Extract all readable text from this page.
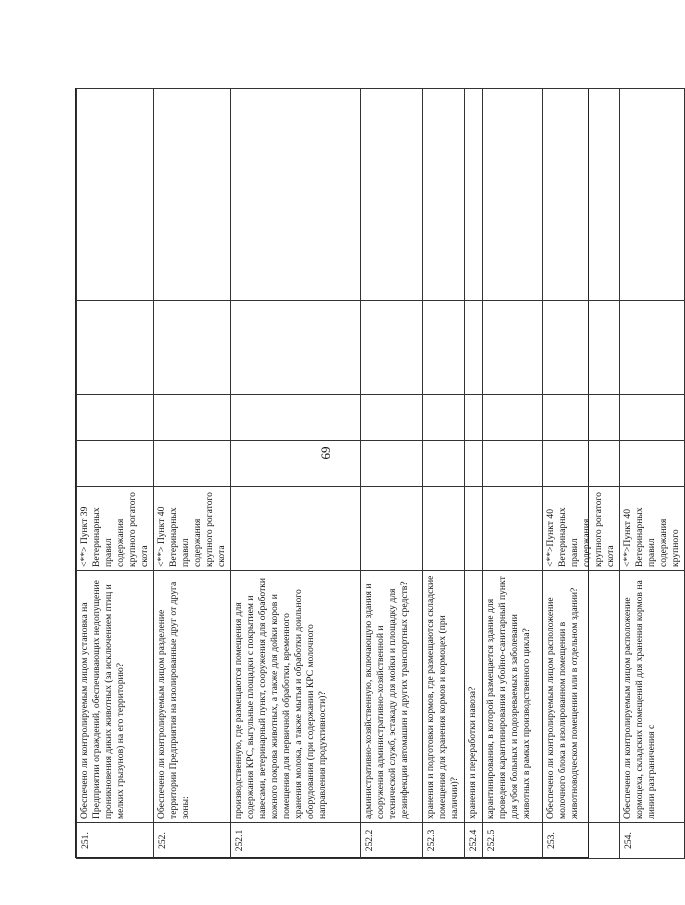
69
251.	Обеспечено ли контролируемым лицом установка на Предприятии ограждений, обеспечивающих недопущение проникновения диких животных (за исключением птиц и мелких грызунов) на его территорию?	<**> Пункт 39 Ветеринарных правил содержания крупного рогатого скота				
252.	Обеспечено ли контролируемым лицом разделение территории Предприятия на изолированные друг от друга зоны:	<**> Пункт 40 Ветеринарных правил содержания крупного рогатого скота				
252.1	производственную, где размещаются помещения для содержания КРС, выгульные площадки с покрытием и навесами, ветеринарный пункт, сооружения для обработки кожного покрова животных, а также для дойки коров и помещения для первичной обработки, временного хранения молока, а также мытья и обработки доильного оборудования (при содержании КРС молочного направления продуктивности)?					
252.2	административно-хозяйственную, включающую здания и сооружения административно-хозяйственной и технической служб, эстакаду для мойки и площадку для дезинфекции автомашин и других транспортных средств?					
252.3	хранения и подготовки кормов, где размещаются складские помещения для хранения кормов и кормоцех (при наличии)?					
252.4	хранения и переработки навоза?					
252.5	карантинирования, в которой размещается здание для проведения карантинирования и убойно-санитарный пункт для убоя больных и подозреваемых в заболевании животных в рамках производственного цикла?					
253.	Обеспечено ли контролируемым лицом расположение молочного блока в изолированном помещении в животноводческом помещении или в отдельном здании?	<**>Пункт 40 Ветеринарных правил содержания крупного рогатого скота				
254.	Обеспечено ли контролируемым лицом расположение кормоцеха, складских помещений для хранения кормов на линии разграничения с	<**>Пункт 40 Ветеринарных правил содержания крупного				
